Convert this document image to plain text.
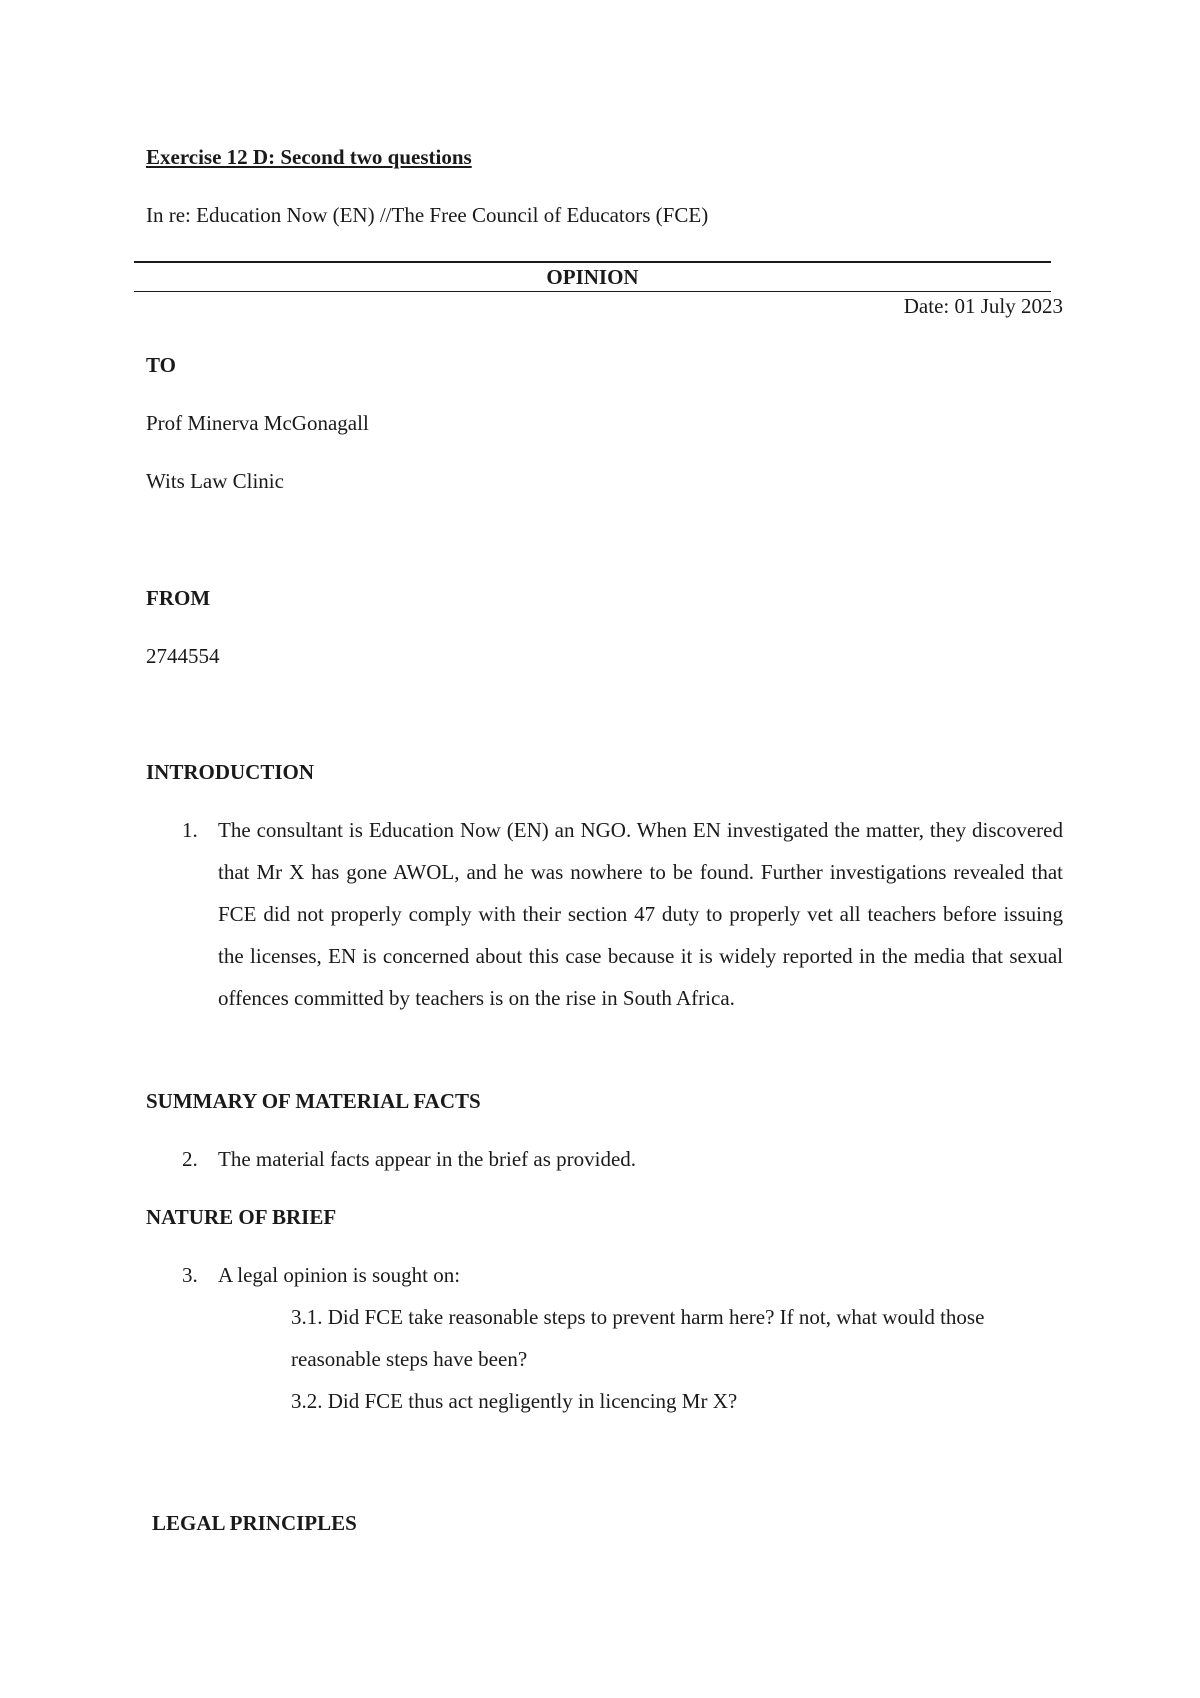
Exercise 12 D: Second two questions
In re: Education Now (EN) //The Free Council of Educators (FCE)
OPINION
Date: 01 July 2023
TO
Prof Minerva McGonagall
Wits Law Clinic
FROM
2744554
INTRODUCTION
1. The consultant is Education Now (EN) an NGO. When EN investigated the matter, they discovered that Mr X has gone AWOL, and he was nowhere to be found. Further investigations revealed that FCE did not properly comply with their section 47 duty to properly vet all teachers before issuing the licenses, EN is concerned about this case because it is widely reported in the media that sexual offences committed by teachers is on the rise in South Africa.
SUMMARY OF MATERIAL FACTS
2. The material facts appear in the brief as provided.
NATURE OF BRIEF
3. A legal opinion is sought on:
3.1. Did FCE take reasonable steps to prevent harm here? If not, what would those reasonable steps have been?
3.2. Did FCE thus act negligently in licencing Mr X?
LEGAL PRINCIPLES
